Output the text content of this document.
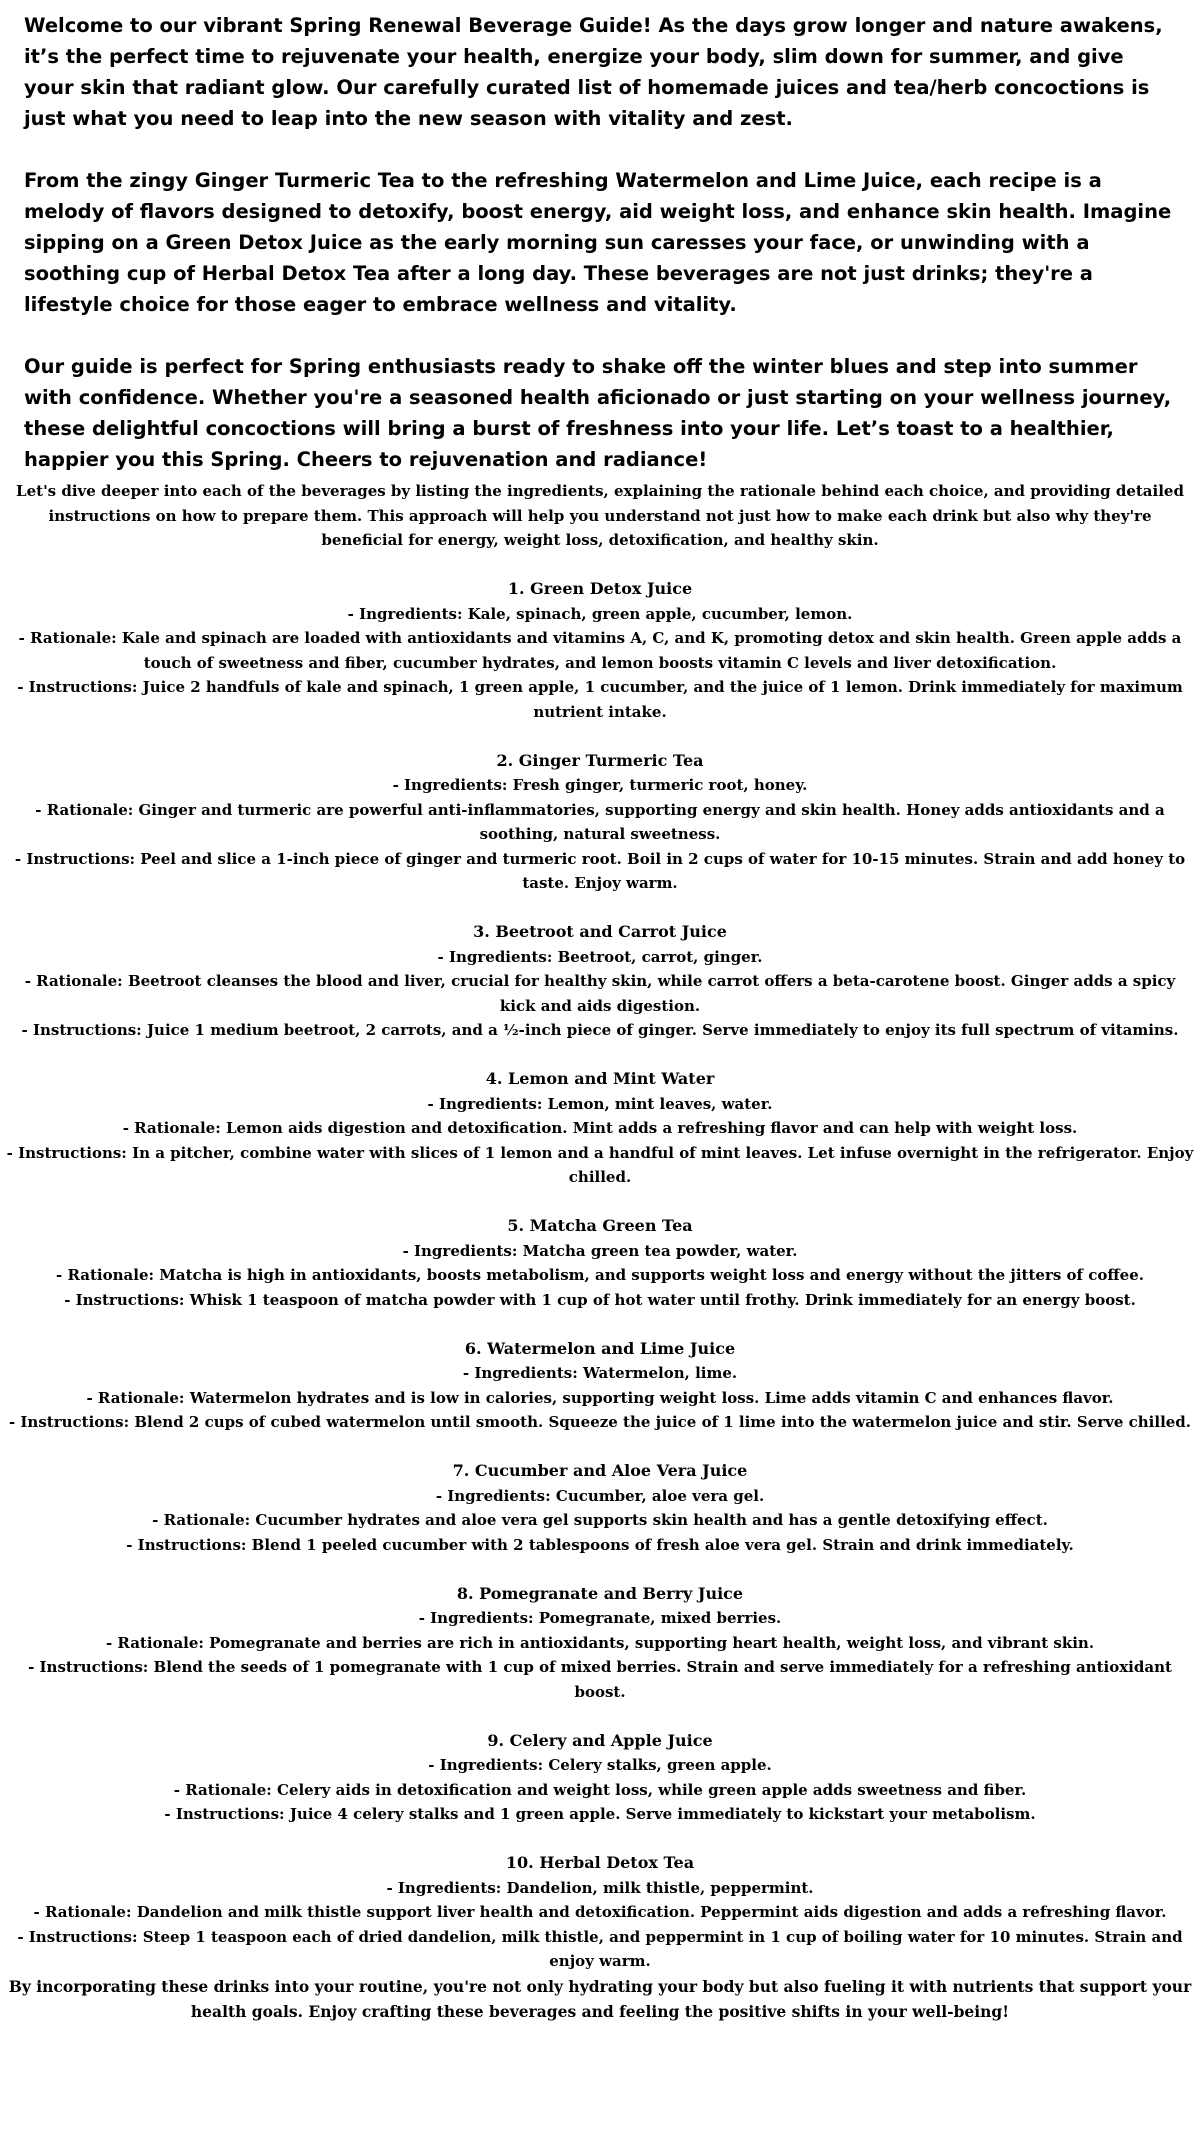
Welcome to our vibrant Spring Renewal Beverage Guide! As the days grow longer and nature awakens, it’s the perfect time to rejuvenate your health, energize your body, slim down for summer, and give your skin that radiant glow. Our carefully curated list of homemade juices and tea/herb concoctions is just what you need to leap into the new season with vitality and zest.

From the zingy Ginger Turmeric Tea to the refreshing Watermelon and Lime Juice, each recipe is a melody of flavors designed to detoxify, boost energy, aid weight loss, and enhance skin health. Imagine sipping on a Green Detox Juice as the early morning sun caresses your face, or unwinding with a soothing cup of Herbal Detox Tea after a long day. These beverages are not just drinks; they're a lifestyle choice for those eager to embrace wellness and vitality.

Our guide is perfect for Spring enthusiasts ready to shake off the winter blues and step into summer with confidence. Whether you're a seasoned health aficionado or just starting on your wellness journey, these delightful concoctions will bring a burst of freshness into your life. Let’s toast to a healthier, happier you this Spring. Cheers to rejuvenation and radiance!

Let's dive deeper into each of the beverages by listing the ingredients, explaining the rationale behind each choice, and providing detailed instructions on how to prepare them. This approach will help you understand not just how to make each drink but also why they're beneficial for energy, weight loss, detoxification, and healthy skin.

1. Green Detox Juice

- Ingredients: Kale, spinach, green apple, cucumber, lemon.

- Rationale: Kale and spinach are loaded with antioxidants and vitamins A, C, and K, promoting detox and skin health. Green apple adds a touch of sweetness and fiber, cucumber hydrates, and lemon boosts vitamin C levels and liver detoxification.

- Instructions: Juice 2 handfuls of kale and spinach, 1 green apple, 1 cucumber, and the juice of 1 lemon. Drink immediately for maximum nutrient intake.

2. Ginger Turmeric Tea

- Ingredients: Fresh ginger, turmeric root, honey.

- Rationale: Ginger and turmeric are powerful anti-inflammatories, supporting energy and skin health. Honey adds antioxidants and a soothing, natural sweetness.

- Instructions: Peel and slice a 1-inch piece of ginger and turmeric root. Boil in 2 cups of water for 10-15 minutes. Strain and add honey to taste. Enjoy warm.

3. Beetroot and Carrot Juice

- Ingredients: Beetroot, carrot, ginger.

- Rationale: Beetroot cleanses the blood and liver, crucial for healthy skin, while carrot offers a beta-carotene boost. Ginger adds a spicy kick and aids digestion.

- Instructions: Juice 1 medium beetroot, 2 carrots, and a ½-inch piece of ginger. Serve immediately to enjoy its full spectrum of vitamins.

4. Lemon and Mint Water

- Ingredients: Lemon, mint leaves, water.

- Rationale: Lemon aids digestion and detoxification. Mint adds a refreshing flavor and can help with weight loss.

- Instructions: In a pitcher, combine water with slices of 1 lemon and a handful of mint leaves. Let infuse overnight in the refrigerator. Enjoy chilled.

5. Matcha Green Tea

- Ingredients: Matcha green tea powder, water.

- Rationale: Matcha is high in antioxidants, boosts metabolism, and supports weight loss and energy without the jitters of coffee.

- Instructions: Whisk 1 teaspoon of matcha powder with 1 cup of hot water until frothy. Drink immediately for an energy boost.

6. Watermelon and Lime Juice

- Ingredients: Watermelon, lime.

- Rationale: Watermelon hydrates and is low in calories, supporting weight loss. Lime adds vitamin C and enhances flavor.

- Instructions: Blend 2 cups of cubed watermelon until smooth. Squeeze the juice of 1 lime into the watermelon juice and stir. Serve chilled.

7. Cucumber and Aloe Vera Juice

- Ingredients: Cucumber, aloe vera gel.

- Rationale: Cucumber hydrates and aloe vera gel supports skin health and has a gentle detoxifying effect.

- Instructions: Blend 1 peeled cucumber with 2 tablespoons of fresh aloe vera gel. Strain and drink immediately.

8. Pomegranate and Berry Juice

- Ingredients: Pomegranate, mixed berries.

- Rationale: Pomegranate and berries are rich in antioxidants, supporting heart health, weight loss, and vibrant skin.

- Instructions: Blend the seeds of 1 pomegranate with 1 cup of mixed berries. Strain and serve immediately for a refreshing antioxidant boost.

9. Celery and Apple Juice

- Ingredients: Celery stalks, green apple.

- Rationale: Celery aids in detoxification and weight loss, while green apple adds sweetness and fiber.

- Instructions: Juice 4 celery stalks and 1 green apple. Serve immediately to kickstart your metabolism.

10. Herbal Detox Tea

- Ingredients: Dandelion, milk thistle, peppermint.

- Rationale: Dandelion and milk thistle support liver health and detoxification. Peppermint aids digestion and adds a refreshing flavor.

- Instructions: Steep 1 teaspoon each of dried dandelion, milk thistle, and peppermint in 1 cup of boiling water for 10 minutes. Strain and enjoy warm.

By incorporating these drinks into your routine, you're not only hydrating your body but also fueling it with nutrients that support your health goals. Enjoy crafting these beverages and feeling the positive shifts in your well-being!
